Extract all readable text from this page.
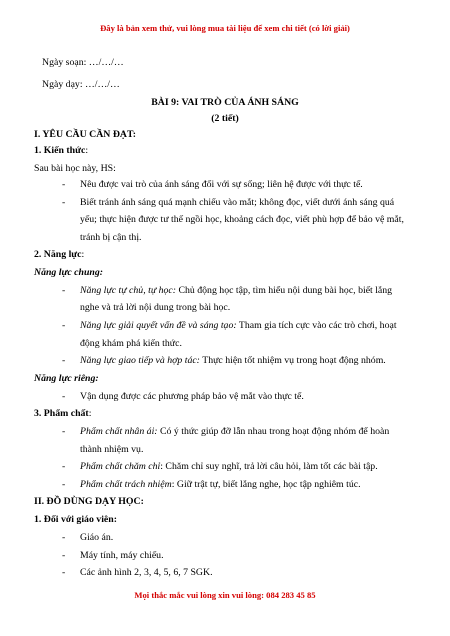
Đây là bản xem thử, vui lòng mua tài liệu để xem chi tiết (có lời giải)
Ngày soạn: …/…/…
Ngày dạy: …/…/…
BÀI 9: VAI TRÒ CỦA ÁNH SÁNG
(2 tiết)
I. YÊU CẦU CẦN ĐẠT:
1. Kiến thức:
Sau bài học này, HS:
- Nêu được vai trò của ánh sáng đối với sự sống; liên hệ được với thực tế.
- Biết tránh ánh sáng quá mạnh chiếu vào mắt; không đọc, viết dưới ánh sáng quá
yếu; thực hiện được tư thế ngồi học, khoảng cách đọc, viết phù hợp để bảo vệ mắt,
tránh bị cận thị.
2. Năng lực:
Năng lực chung:
- Năng lực tự chủ, tự học: Chủ động học tập, tìm hiểu nội dung bài học, biết lắng
nghe và trả lời nội dung trong bài học.
- Năng lực giải quyết vấn đề và sáng tạo: Tham gia tích cực vào các trò chơi, hoạt
động khám phá kiến thức.
- Năng lực giao tiếp và hợp tác: Thực hiện tốt nhiệm vụ trong hoạt động nhóm.
Năng lực riêng:
- Vận dụng được các phương pháp bảo vệ mắt vào thực tế.
3. Phẩm chất:
- Phẩm chất nhân ái: Có ý thức giúp đỡ lẫn nhau trong hoạt động nhóm để hoàn
thành nhiệm vụ.
- Phẩm chất chăm chỉ: Chăm chỉ suy nghĩ, trả lời câu hỏi, làm tốt các bài tập.
- Phẩm chất trách nhiệm: Giữ trật tự, biết lắng nghe, học tập nghiêm túc.
II. ĐỒ DÙNG DẠY HỌC:
1. Đối với giáo viên:
- Giáo án.
- Máy tính, máy chiếu.
- Các ảnh hình 2, 3, 4, 5, 6, 7 SGK.
Mọi thắc mắc vui lòng xin vui lòng: 084 283 45 85
